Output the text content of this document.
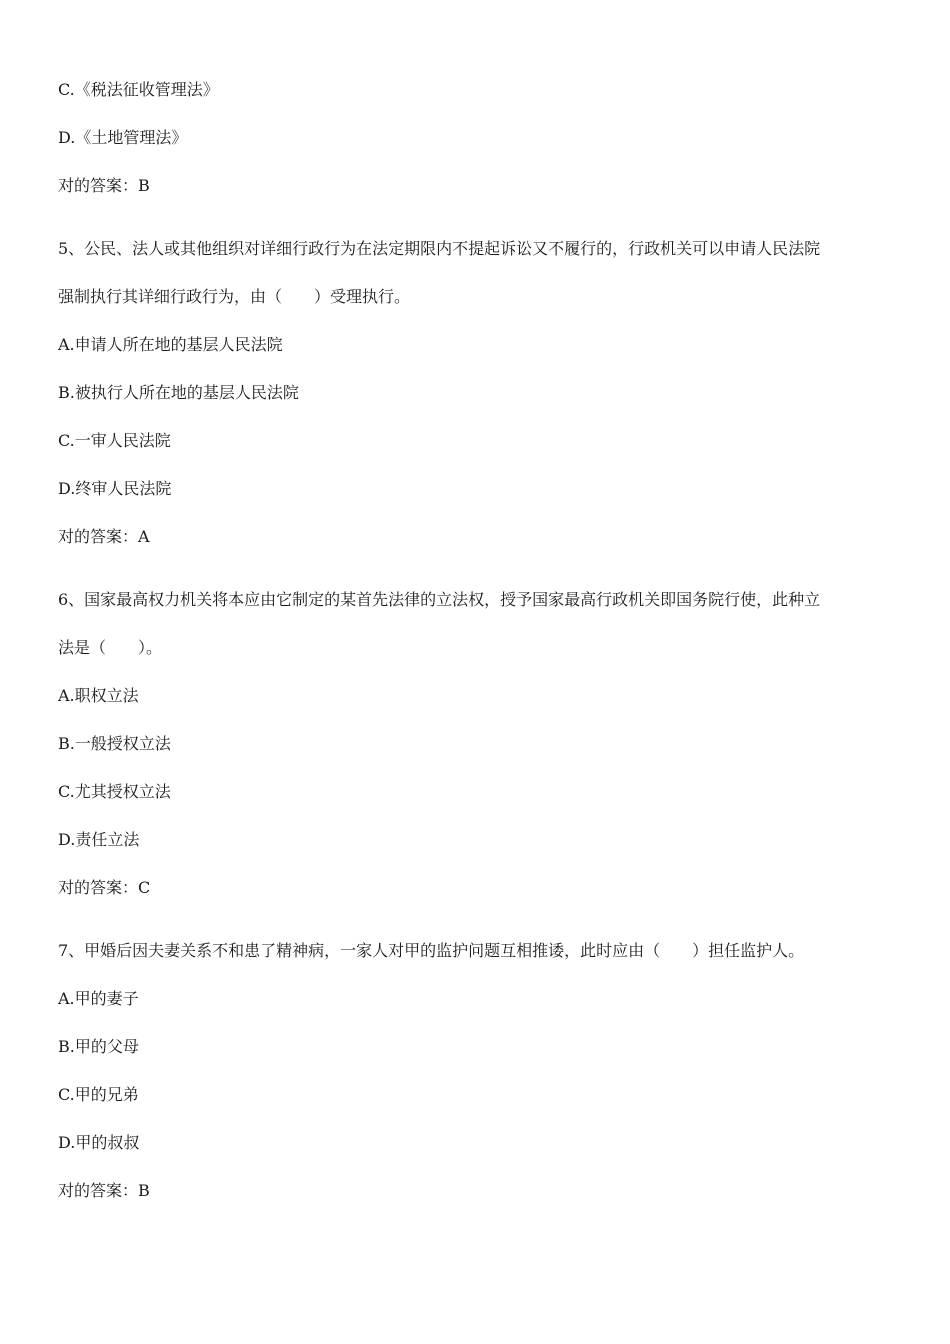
C.《税法征收管理法》
D.《土地管理法》
对的答案：B
5、公民、法人或其他组织对详细行政行为在法定期限内不提起诉讼又不履行的，行政机关可以申请人民法院
强制执行其详细行政行为，由（　　）受理执行。
A.申请人所在地的基层人民法院
B.被执行人所在地的基层人民法院
C.一审人民法院
D.终审人民法院
对的答案：A
6、国家最高权力机关将本应由它制定的某首先法律的立法权，授予国家最高行政机关即国务院行使，此种立
法是（　　）。
A.职权立法
B.一般授权立法
C.尤其授权立法
D.责任立法
对的答案：C
7、甲婚后因夫妻关系不和患了精神病，一家人对甲的监护问题互相推诿，此时应由（　　）担任监护人。
A.甲的妻子
B.甲的父母
C.甲的兄弟
D.甲的叔叔
对的答案：B
